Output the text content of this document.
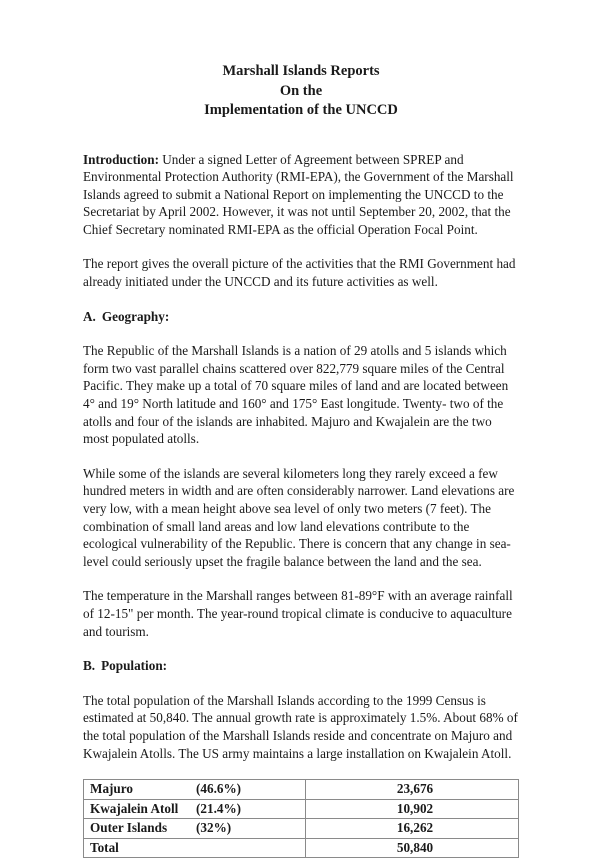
Marshall Islands Reports
On the
Implementation of the UNCCD

Introduction: Under a signed Letter of Agreement between SPREP and Environmental Protection Authority (RMI-EPA), the Government of the Marshall Islands agreed to submit a National Report on implementing the UNCCD to the Secretariat by April 2002. However, it was not until September 20, 2002, that the Chief Secretary nominated RMI-EPA as the official Operation Focal Point.

The report gives the overall picture of the activities that the RMI Government had already initiated under the UNCCD and its future activities as well.

A. Geography:

The Republic of the Marshall Islands is a nation of 29 atolls and 5 islands which form two vast parallel chains scattered over 822,779 square miles of the Central Pacific. They make up a total of 70 square miles of land and are located between 4° and 19° North latitude and 160° and 175° East longitude. Twenty- two of the atolls and four of the islands are inhabited. Majuro and Kwajalein are the two most populated atolls.

While some of the islands are several kilometers long they rarely exceed a few hundred meters in width and are often considerably narrower. Land elevations are very low, with a mean height above sea level of only two meters (7 feet). The combination of small land areas and low land elevations contribute to the ecological vulnerability of the Republic. There is concern that any change in sea-level could seriously upset the fragile balance between the land and the sea.

The temperature in the Marshall ranges between 81-89°F with an average rainfall of 12-15" per month. The year-round tropical climate is conducive to aquaculture and tourism.

B. Population:

The total population of the Marshall Islands according to the 1999 Census is estimated at 50,840. The annual growth rate is approximately 1.5%. About 68% of the total population of the Marshall Islands reside and concentrate on Majuro and Kwajalein Atolls. The US army maintains a large installation on Kwajalein Atoll.

Majuro (46.6%)	23,676
Kwajalein Atoll (21.4%)	10,902
Outer Islands (32%)	16,262
Total	50,840
